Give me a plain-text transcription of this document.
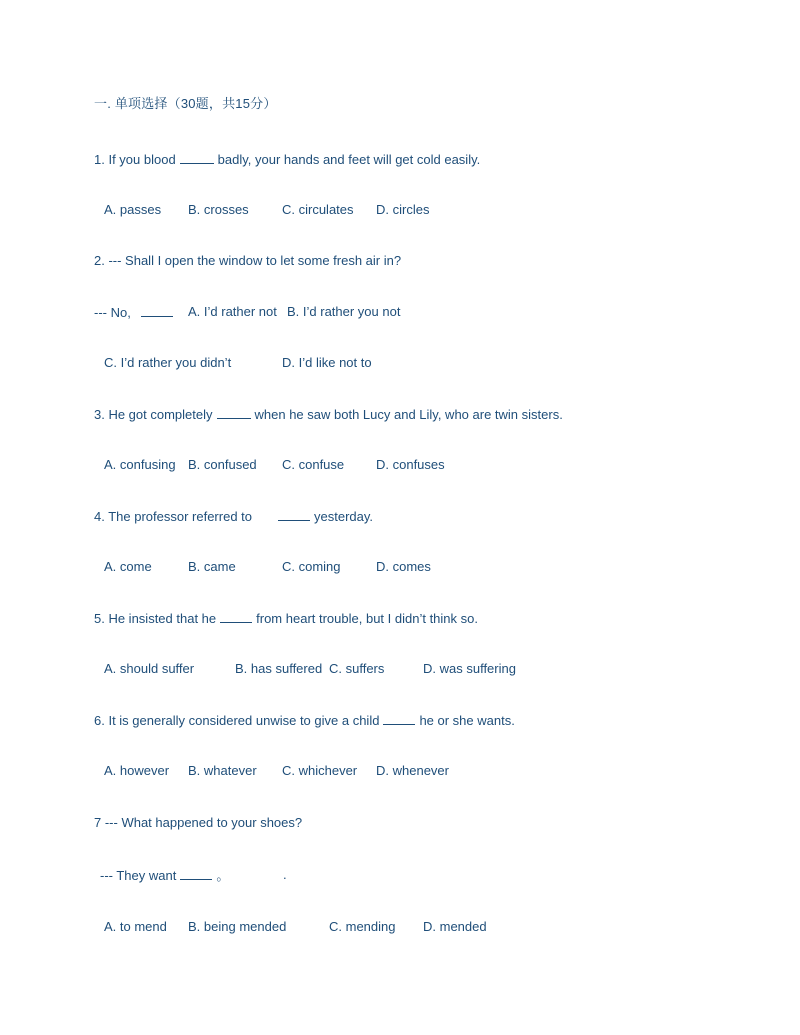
一. 单项选择（30题，共15分）
1. If you blood	badly, your hands and feet will get cold easily.
A. passes B. crosses	C. circulates D. circles
2. --- Shall I open the window to let some fresh air in?
--- No,	A. I’d rather not B. I’d rather you not
C. I’d rather you didn’t	D. I’d like not to
3. He got completely	when he saw both Lucy and Lily, who are twin sisters.
A. confusing B. confused C. confuse D. confuses
4. The professor referred to	yesterday.
A. come	B. came	C. coming	D. comes
5. He insisted that he	from heart trouble, but I didn’t think so.
A. should suffer	B. has suffered C. suffers	D. was suffering
6. It is generally considered unwise to give a child	he or she wants.
A. however B. whatever C. whichever D. whenever
7 --- What happened to your shoes?
--- They want	。	.
A. to mend B. being mended	C. mending D. mended
